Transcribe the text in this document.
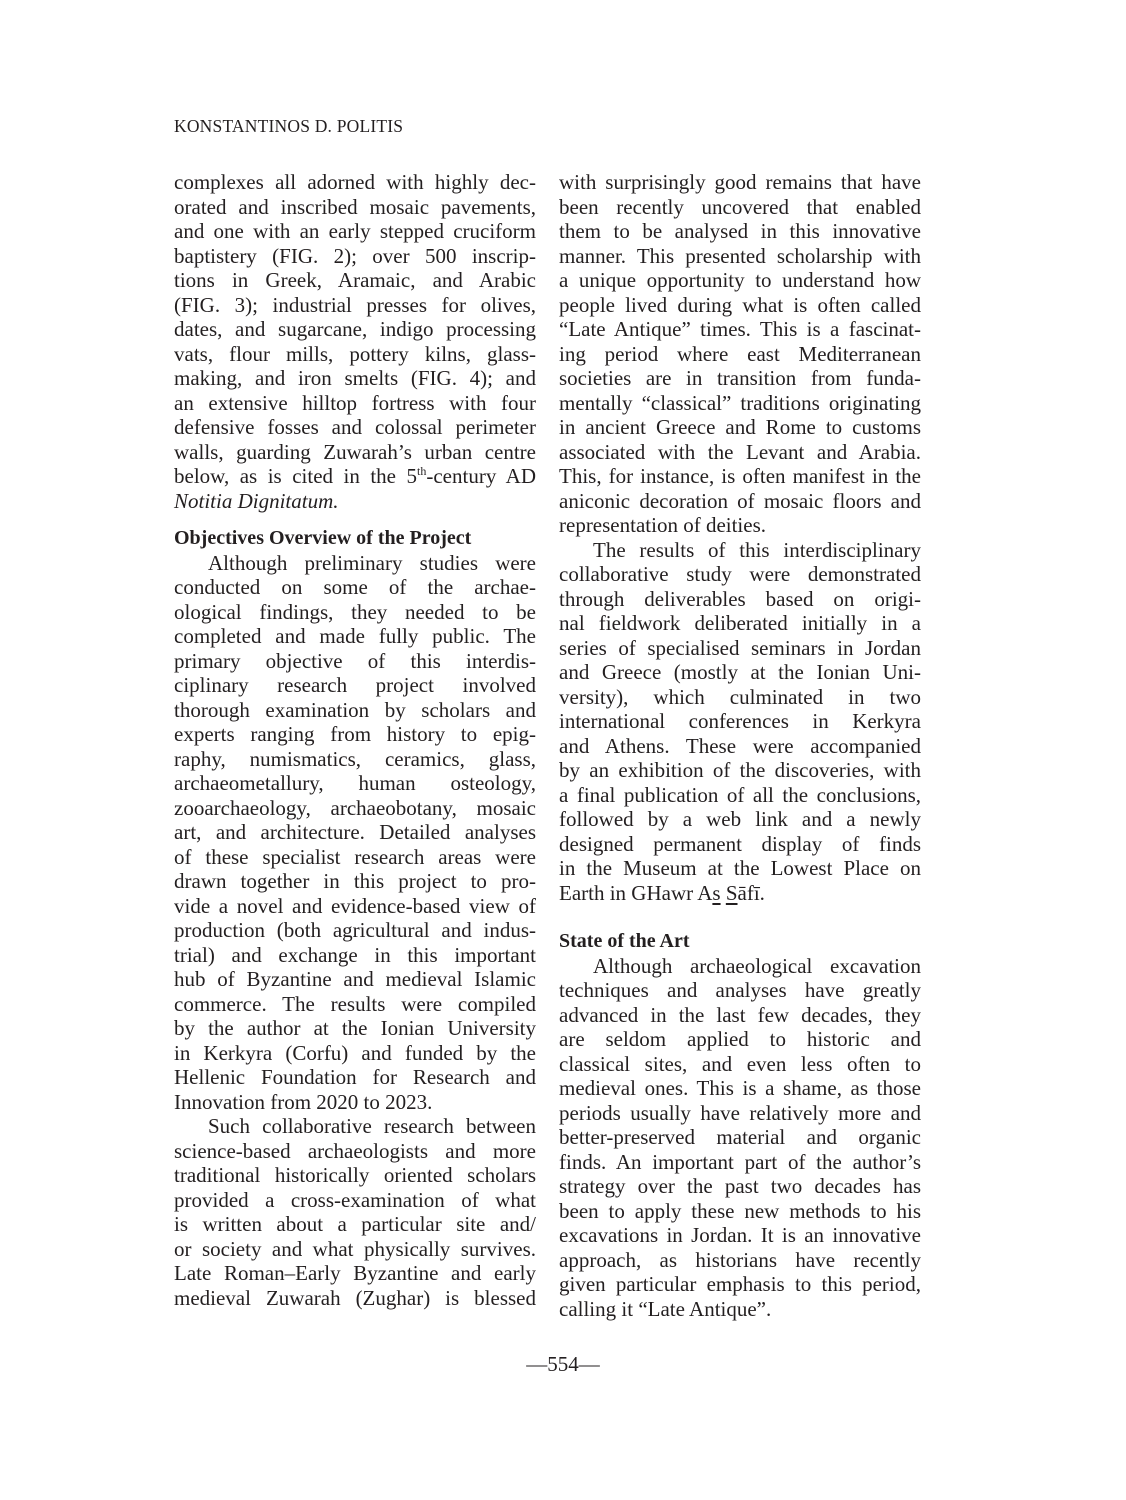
KONSTANTINOS D. POLITIS
complexes all adorned with highly dec-
orated and inscribed mosaic pavements,
and one with an early stepped cruciform
baptistery (FIG. 2); over 500 inscrip-
tions in Greek, Aramaic, and Arabic
(FIG. 3); industrial presses for olives,
dates, and sugarcane, indigo processing
vats, flour mills, pottery kilns, glass-
making, and iron smelts (FIG. 4); and
an extensive hilltop fortress with four
defensive fosses and colossal perimeter
walls, guarding Zuwarah’s urban centre
below, as is cited in the 5th-century AD
Notitia Dignitatum.
Objectives Overview of the Project
Although preliminary studies were
conducted on some of the archae-
ological findings, they needed to be
completed and made fully public. The
primary objective of this interdis-
ciplinary research project involved
thorough examination by scholars and
experts ranging from history to epig-
raphy, numismatics, ceramics, glass,
archaeometallury, human osteology,
zooarchaeology, archaeobotany, mosaic
art, and architecture. Detailed analyses
of these specialist research areas were
drawn together in this project to pro-
vide a novel and evidence-based view of
production (both agricultural and indus-
trial) and exchange in this important
hub of Byzantine and medieval Islamic
commerce. The results were compiled
by the author at the Ionian University
in Kerkyra (Corfu) and funded by the
Hellenic Foundation for Research and
Innovation from 2020 to 2023.
Such collaborative research between
science-based archaeologists and more
traditional historically oriented scholars
provided a cross-examination of what
is written about a particular site and/
or society and what physically survives.
Late Roman–Early Byzantine and early
medieval Zuwarah (Zughar) is blessed
with surprisingly good remains that have
been recently uncovered that enabled
them to be analysed in this innovative
manner. This presented scholarship with
a unique opportunity to understand how
people lived during what is often called
“Late Antique” times. This is a fascinat-
ing period where east Mediterranean
societies are in transition from funda-
mentally “classical” traditions originating
in ancient Greece and Rome to customs
associated with the Levant and Arabia.
This, for instance, is often manifest in the
aniconic decoration of mosaic floors and
representation of deities.
The results of this interdisciplinary
collaborative study were demonstrated
through deliverables based on origi-
nal fieldwork deliberated initially in a
series of specialised seminars in Jordan
and Greece (mostly at the Ionian Uni-
versity), which culminated in two
international conferences in Kerkyra
and Athens. These were accompanied
by an exhibition of the discoveries, with
a final publication of all the conclusions,
followed by a web link and a newly
designed permanent display of finds
in the Museum at the Lowest Place on
Earth in GHawr As Sāfī.
State of the Art
Although archaeological excavation
techniques and analyses have greatly
advanced in the last few decades, they
are seldom applied to historic and
classical sites, and even less often to
medieval ones. This is a shame, as those
periods usually have relatively more and
better-preserved material and organic
finds. An important part of the author’s
strategy over the past two decades has
been to apply these new methods to his
excavations in Jordan. It is an innovative
approach, as historians have recently
given particular emphasis to this period,
calling it “Late Antique”.
—554—
